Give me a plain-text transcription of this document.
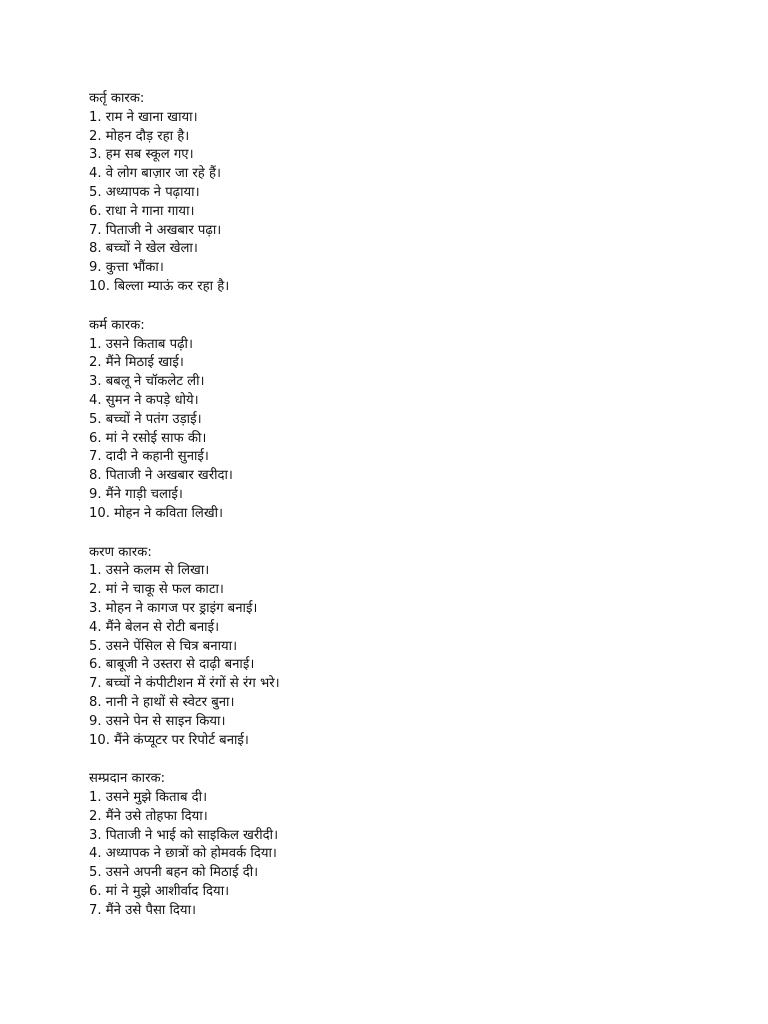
कर्तृ कारक:
1. राम ने खाना खाया।
2. मोहन दौड़ रहा है।
3. हम सब स्कूल गए।
4. वे लोग बाज़ार जा रहे हैं।
5. अध्यापक ने पढ़ाया।
6. राधा ने गाना गाया।
7. पिताजी ने अखबार पढ़ा।
8. बच्चों ने खेल खेला।
9. कुत्ता भौंका।
10. बिल्ला म्याऊं कर रहा है।
कर्म कारक:
1. उसने किताब पढ़ी।
2. मैंने मिठाई खाई।
3. बबलू ने चॉकलेट ली।
4. सुमन ने कपड़े धोये।
5. बच्चों ने पतंग उड़ाई।
6. मां ने रसोई साफ की।
7. दादी ने कहानी सुनाई।
8. पिताजी ने अखबार खरीदा।
9. मैंने गाड़ी चलाई।
10. मोहन ने कविता लिखी।
करण कारक:
1. उसने कलम से लिखा।
2. मां ने चाकू से फल काटा।
3. मोहन ने कागज पर ड्राइंग बनाई।
4. मैंने बेलन से रोटी बनाई।
5. उसने पेंसिल से चित्र बनाया।
6. बाबूजी ने उस्तरा से दाढ़ी बनाई।
7. बच्चों ने कंपीटीशन में रंगों से रंग भरे।
8. नानी ने हाथों से स्वेटर बुना।
9. उसने पेन से साइन किया।
10. मैंने कंप्यूटर पर रिपोर्ट बनाई।
सम्प्रदान कारक:
1. उसने मुझे किताब दी।
2. मैंने उसे तोहफा दिया।
3. पिताजी ने भाई को साइकिल खरीदी।
4. अध्यापक ने छात्रों को होमवर्क दिया।
5. उसने अपनी बहन को मिठाई दी।
6. मां ने मुझे आशीर्वाद दिया।
7. मैंने उसे पैसा दिया।
